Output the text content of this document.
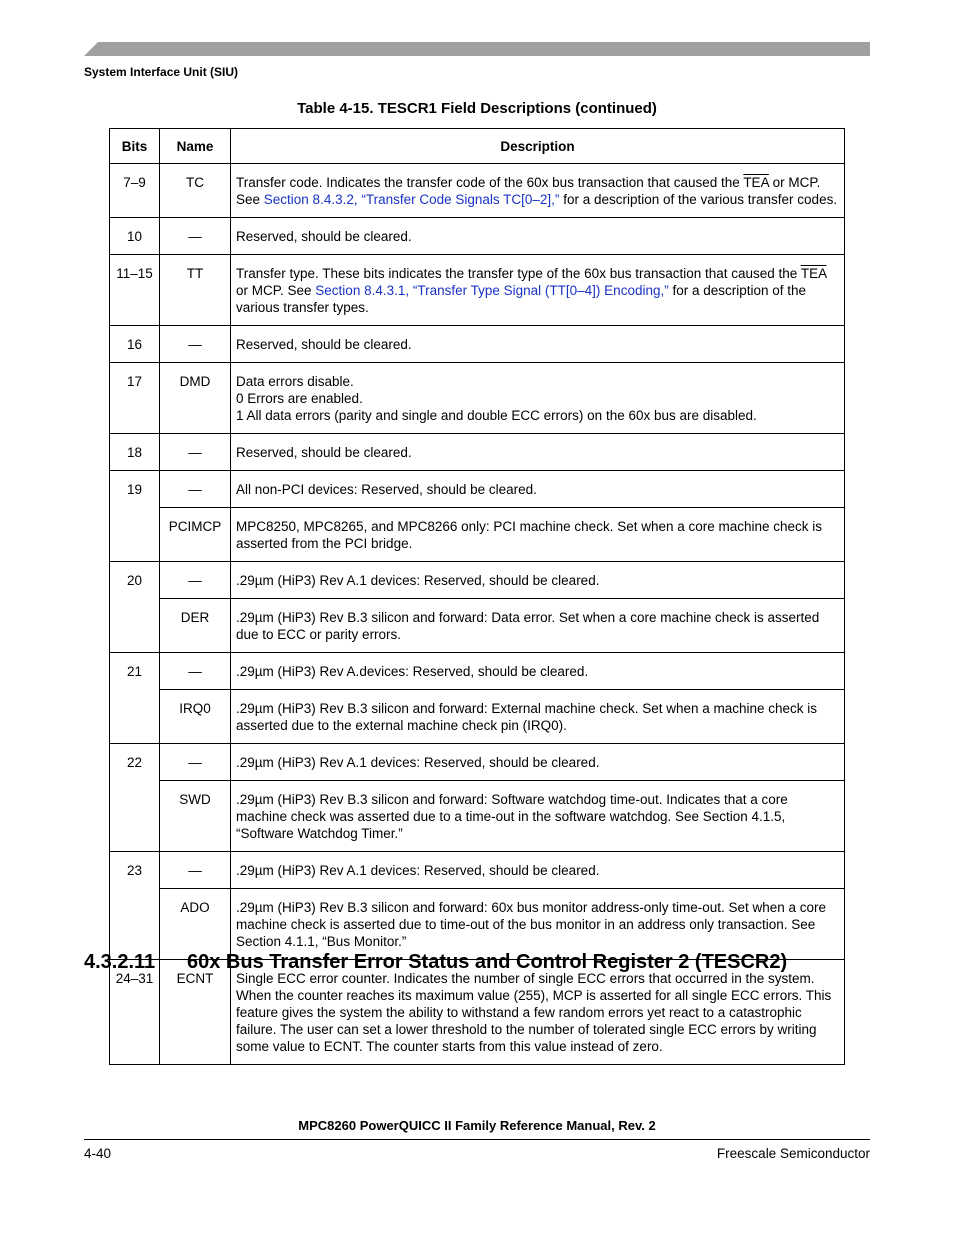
System Interface Unit (SIU)
Table 4-15. TESCR1 Field Descriptions (continued)
Bits	Name	Description
7–9	TC	Transfer code. Indicates the transfer code of the 60x bus transaction that caused the $\overline{TEA}$ or MCP. See Section 8.4.3.2, “Transfer Code Signals TC[0–2],” for a description of the various transfer codes.
10	—	Reserved, should be cleared.
11–15	TT	Transfer type. These bits indicates the transfer type of the 60x bus transaction that caused the $\overline{TEA}$ or MCP. See Section 8.4.3.1, “Transfer Type Signal (TT[0–4]) Encoding,” for a description of the various transfer types.
16	—	Reserved, should be cleared.
17	DMD	Data errors disable.
0 Errors are enabled.
1 All data errors (parity and single and double ECC errors) on the 60x bus are disabled.
18	—	Reserved, should be cleared.
19	—	All non-PCI devices: Reserved, should be cleared.
	PCIMCP	MPC8250, MPC8265, and MPC8266 only: PCI machine check. Set when a core machine check is asserted from the PCI bridge.
20	—	.29µm (HiP3) Rev A.1 devices: Reserved, should be cleared.
	DER	.29µm (HiP3) Rev B.3 silicon and forward: Data error. Set when a core machine check is asserted due to ECC or parity errors.
21	—	.29µm (HiP3) Rev A.devices: Reserved, should be cleared.
	IRQ0	.29µm (HiP3) Rev B.3 silicon and forward: External machine check. Set when a machine check is asserted due to the external machine check pin (IRQ0).
22	—	.29µm (HiP3) Rev A.1 devices: Reserved, should be cleared.
	SWD	.29µm (HiP3) Rev B.3 silicon and forward: Software watchdog time-out. Indicates that a core machine check was asserted due to a time-out in the software watchdog. See Section 4.1.5, “Software Watchdog Timer.”
23	—	.29µm (HiP3) Rev A.1 devices: Reserved, should be cleared.
	ADO	.29µm (HiP3) Rev B.3 silicon and forward: 60x bus monitor address-only time-out. Set when a core machine check is asserted due to time-out of the bus monitor in an address only transaction. See Section 4.1.1, “Bus Monitor.”
24–31	ECNT	Single ECC error counter. Indicates the number of single ECC errors that occurred in the system. When the counter reaches its maximum value (255), MCP is asserted for all single ECC errors. This feature gives the system the ability to withstand a few random errors yet react to a catastrophic failure. The user can set a lower threshold to the number of tolerated single ECC errors by writing some value to ECNT. The counter starts from this value instead of zero.
4.3.2.11 60x Bus Transfer Error Status and Control Register 2 (TESCR2)
MPC8260 PowerQUICC II Family Reference Manual, Rev. 2
4-40	Freescale Semiconductor
